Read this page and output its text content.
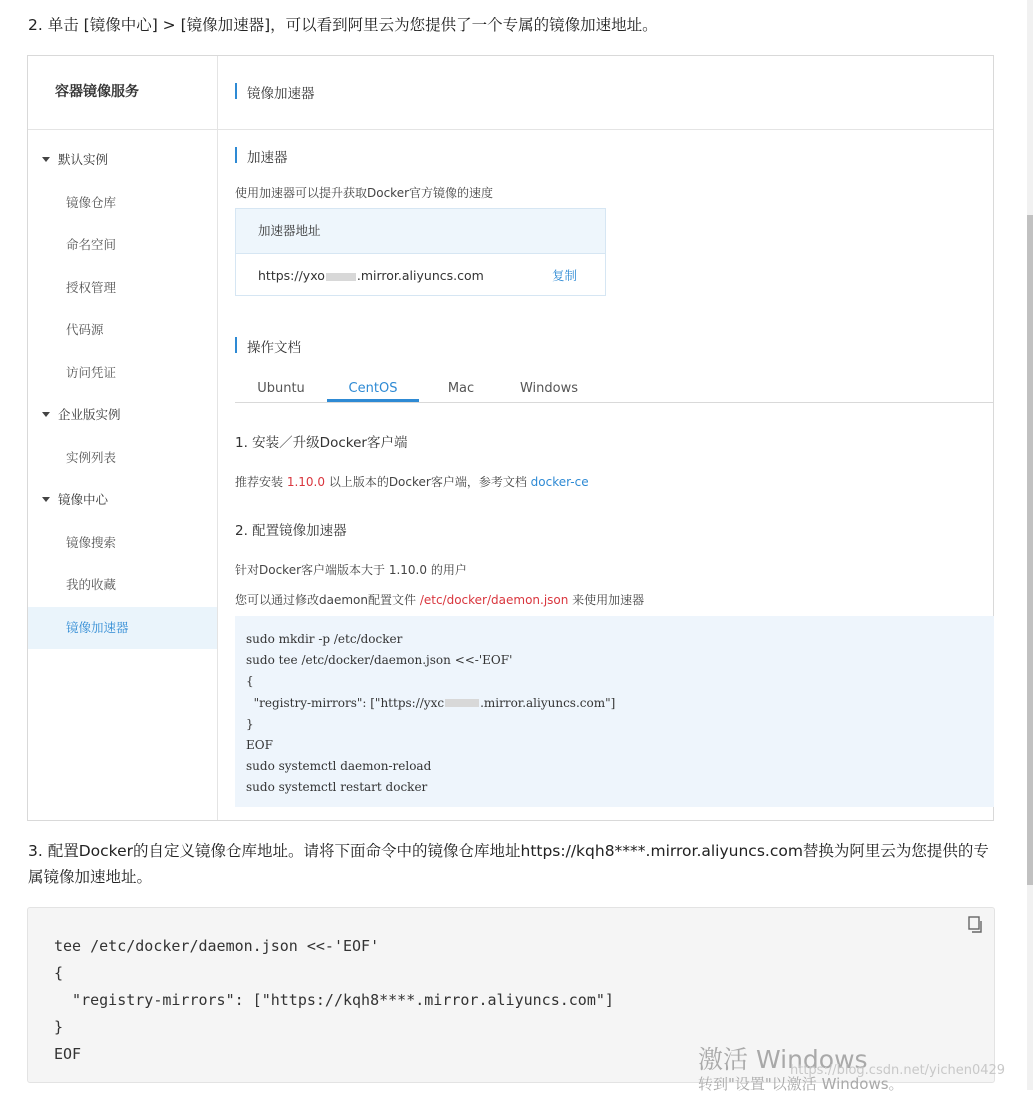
2. 单击 [镜像中心] > [镜像加速器]，可以看到阿里云为您提供了一个专属的镜像加速地址。
容器镜像服务
默认实例
镜像仓库
命名空间
授权管理
代码源
访问凭证
企业版实例
实例列表
镜像中心
镜像搜索
我的收藏
镜像加速器
镜像加速器
加速器
使用加速器可以提升获取Docker官方镜像的速度
加速器地址
https://yxo	.mirror.aliyuncs.com	复制
操作文档
Ubuntu	CentOS	Mac	Windows
1. 安装／升级Docker客户端
推荐安装 1.10.0 以上版本的Docker客户端，参考文档 docker-ce
2. 配置镜像加速器
针对Docker客户端版本大于 1.10.0 的用户
您可以通过修改daemon配置文件 /etc/docker/daemon.json 来使用加速器
sudo mkdir -p /etc/docker
sudo tee /etc/docker/daemon.json <<-'EOF'
{
"registry-mirrors": ["https://yxc	.mirror.aliyuncs.com"]
}
EOF
sudo systemctl daemon-reload
sudo systemctl restart docker
3. 配置Docker的自定义镜像仓库地址。请将下面命令中的镜像仓库地址https://kqh8****.mirror.aliyuncs.com替换为阿里云为您提供的专属镜像加速地址。
tee /etc/docker/daemon.json <<-'EOF'
{
"registry-mirrors": ["https://kqh8****.mirror.aliyuncs.com"]
}
EOF	激活 Windows
https://blog.csdn.net/yichen0429
转到"设置"以激活 Windows。
